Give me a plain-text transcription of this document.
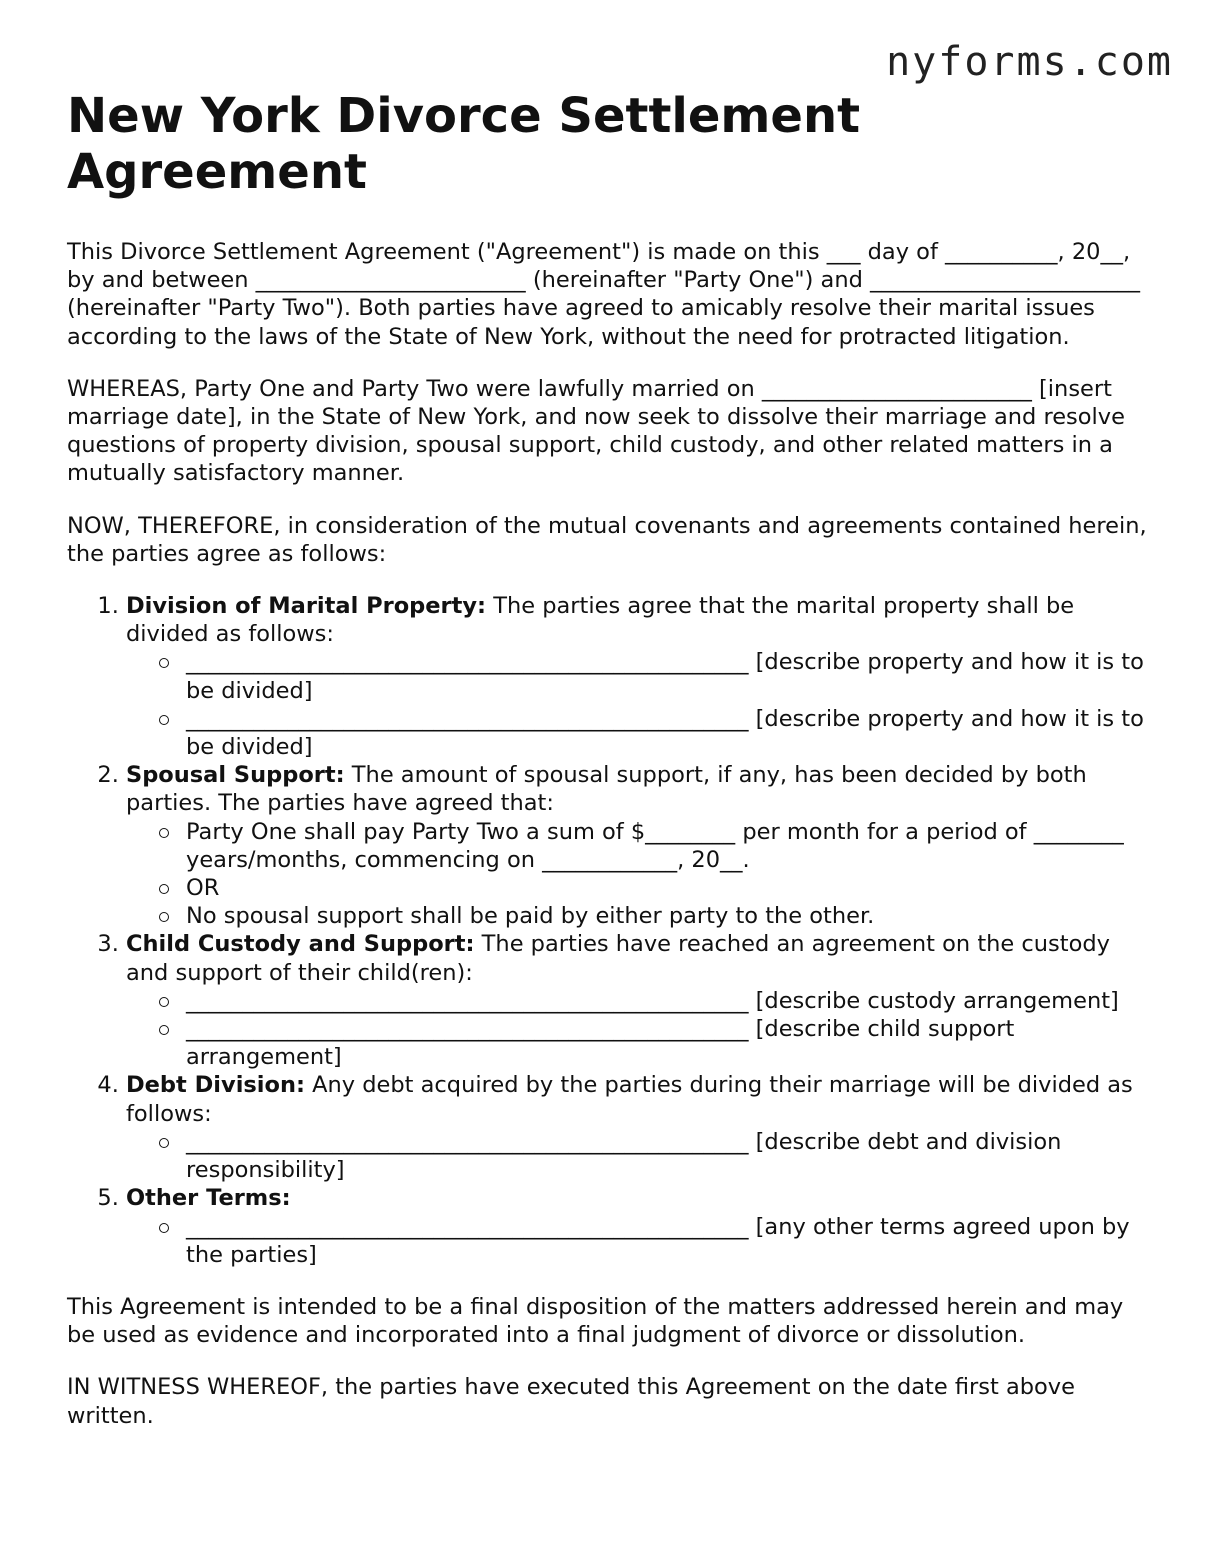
nyforms.com
New York Divorce Settlement Agreement

This Divorce Settlement Agreement ("Agreement") is made on this ___ day of __________, 20__, by and between ________________________ (hereinafter "Party One") and ________________________ (hereinafter "Party Two"). Both parties have agreed to amicably resolve their marital issues according to the laws of the State of New York, without the need for protracted litigation.

WHEREAS, Party One and Party Two were lawfully married on ________________________ [insert marriage date], in the State of New York, and now seek to dissolve their marriage and resolve questions of property division, spousal support, child custody, and other related matters in a mutually satisfactory manner.

NOW, THEREFORE, in consideration of the mutual covenants and agreements contained herein, the parties agree as follows:

1. Division of Marital Property: The parties agree that the marital property shall be divided as follows:
__________________________________________________ [describe property and how it is to be divided]
__________________________________________________ [describe property and how it is to be divided]
2. Spousal Support: The amount of spousal support, if any, has been decided by both parties. The parties have agreed that:
Party One shall pay Party Two a sum of $________ per month for a period of ________ years/months, commencing on ____________, 20__.
OR
No spousal support shall be paid by either party to the other.
3. Child Custody and Support: The parties have reached an agreement on the custody and support of their child(ren):
__________________________________________________ [describe custody arrangement]
__________________________________________________ [describe child support arrangement]
4. Debt Division: Any debt acquired by the parties during their marriage will be divided as follows:
__________________________________________________ [describe debt and division responsibility]
5. Other Terms:
__________________________________________________ [any other terms agreed upon by the parties]

This Agreement is intended to be a final disposition of the matters addressed herein and may be used as evidence and incorporated into a final judgment of divorce or dissolution.

IN WITNESS WHEREOF, the parties have executed this Agreement on the date first above written.
